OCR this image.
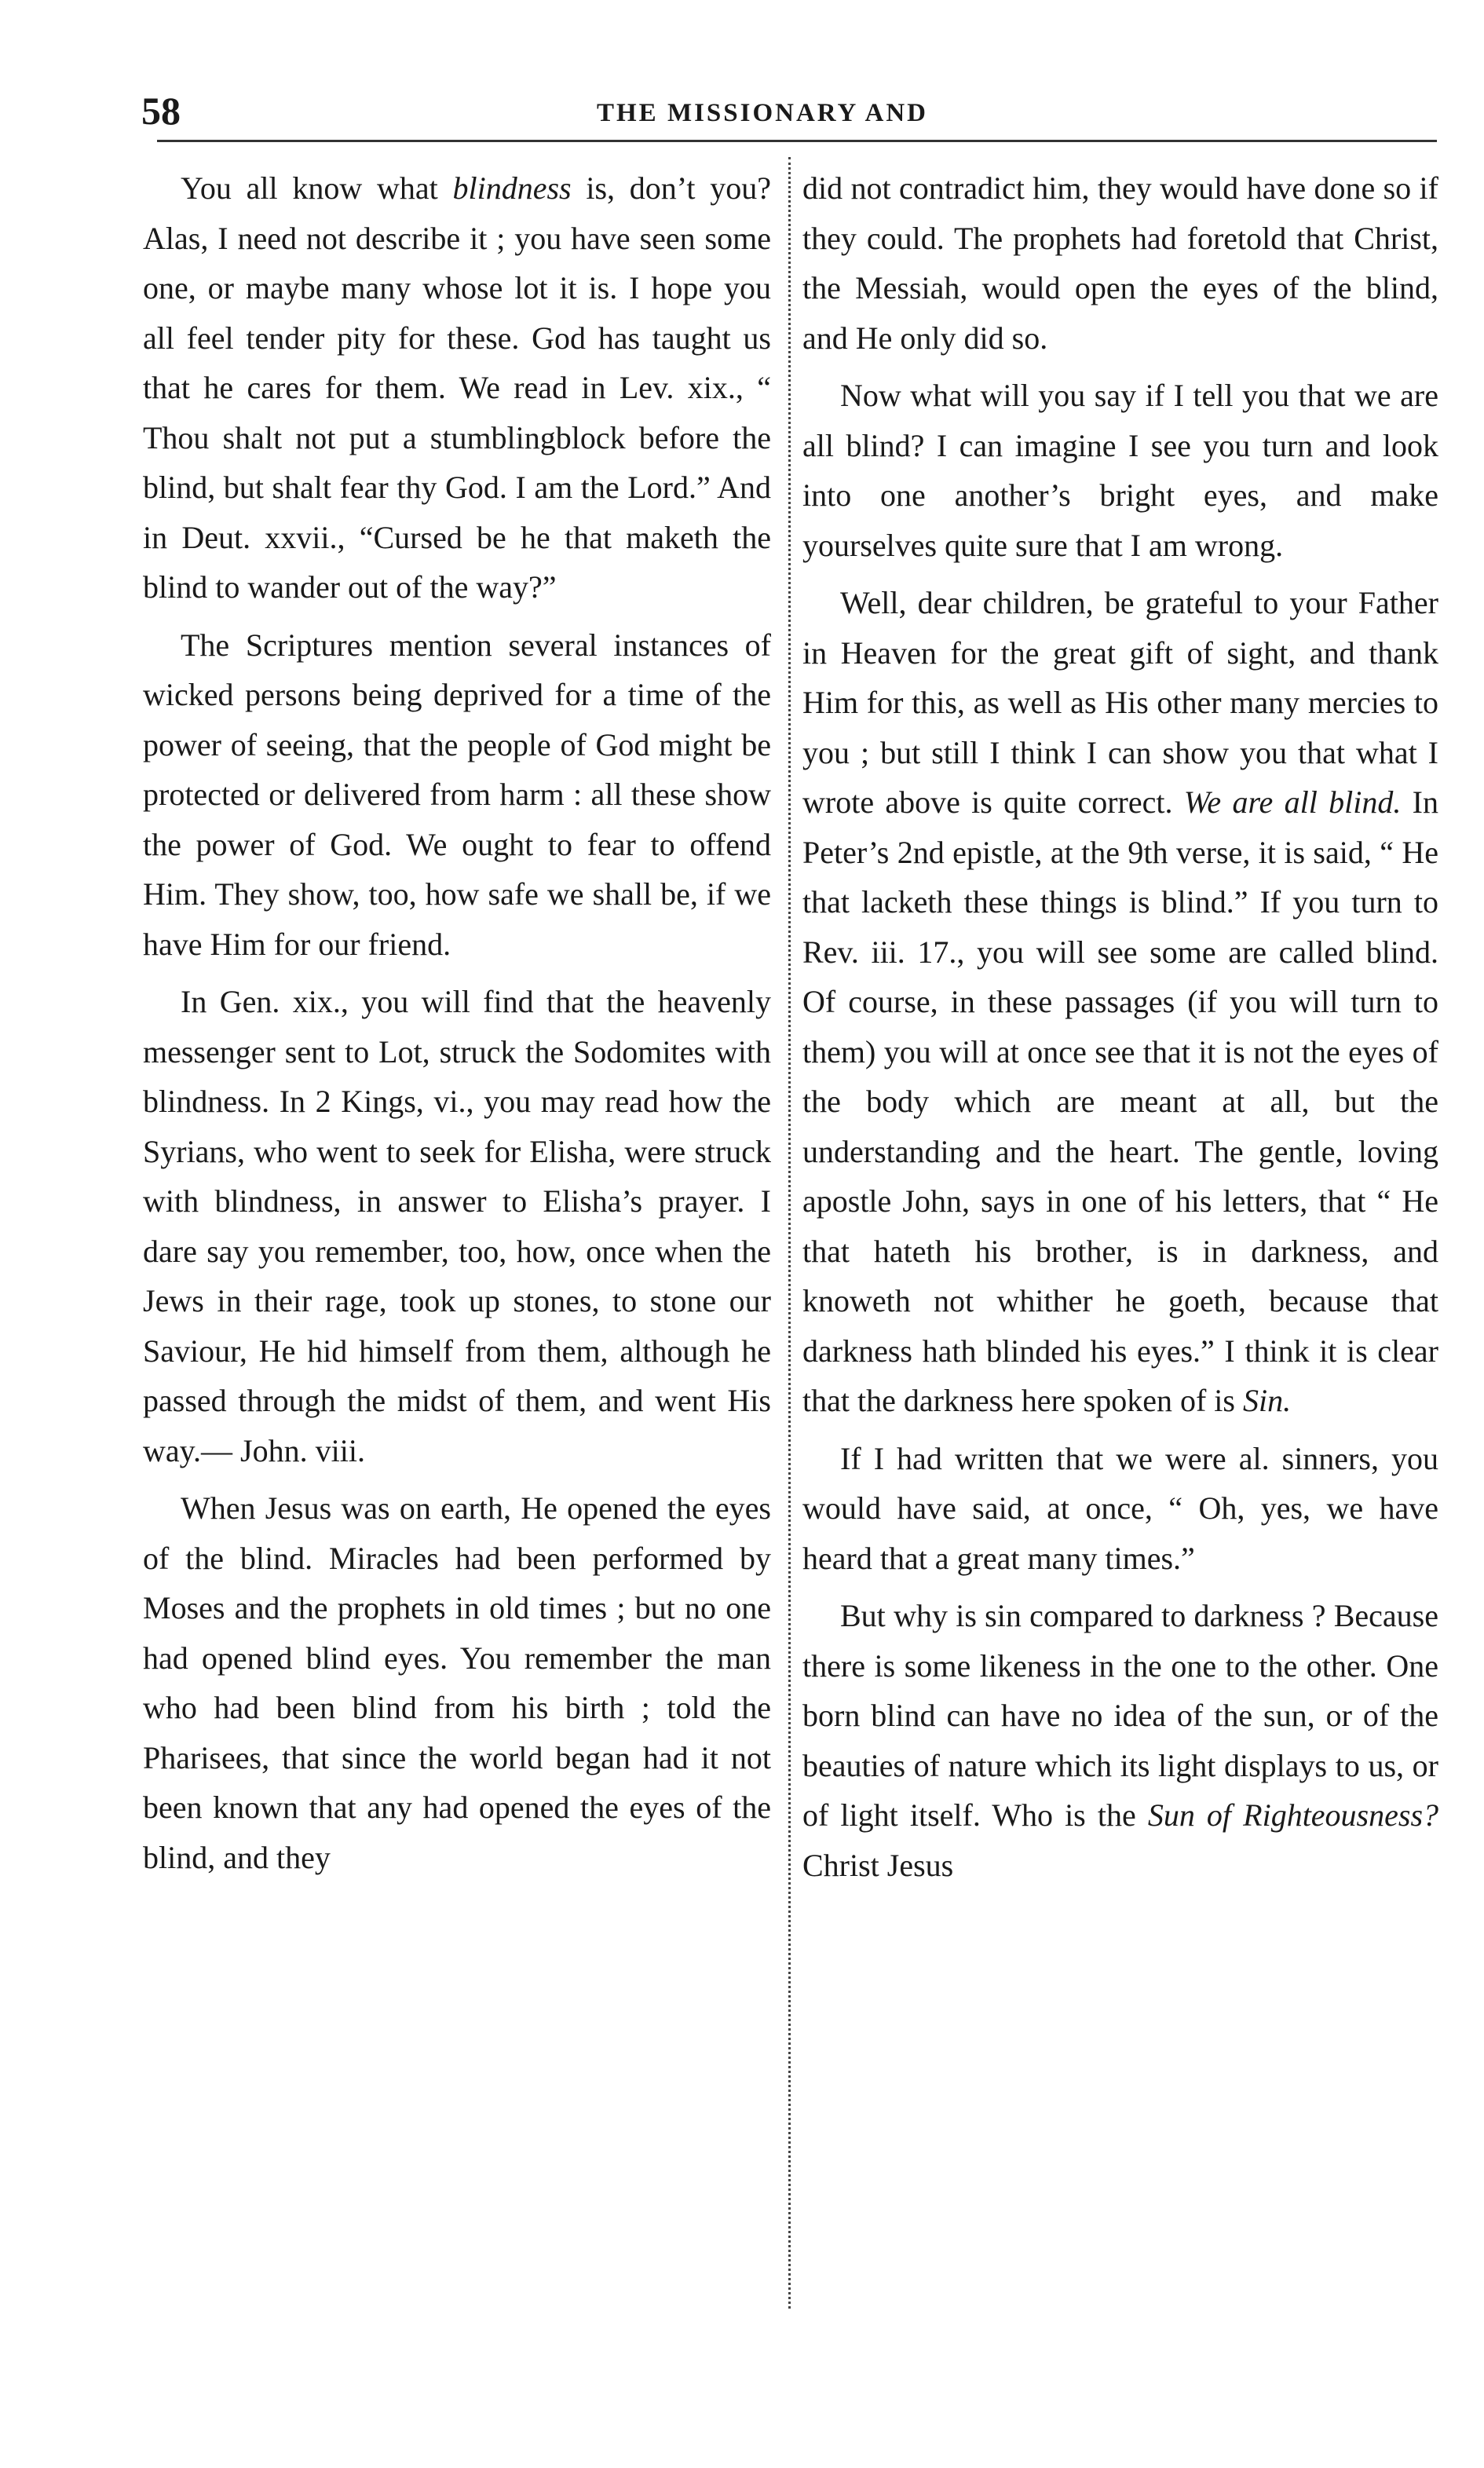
58	THE MISSIONARY AND

You all know what blindness is, don’t you? Alas, I need not describe it ; you have seen some one, or maybe many whose lot it is. I hope you all feel tender pity for these. God has taught us that he cares for them. We read in Lev. xix., “ Thou shalt not put a stumblingblock before the blind, but shalt fear thy God. I am the Lord.” And in Deut. xxvii., “Cursed be he that maketh the blind to wander out of the way?”

The Scriptures mention several instances of wicked persons being deprived for a time of the power of seeing, that the people of God might be protected or delivered from harm : all these show the power of God. We ought to fear to offend Him. They show, too, how safe we shall be, if we have Him for our friend.

In Gen. xix., you will find that the heavenly messenger sent to Lot, struck the Sodomites with blindness. In 2 Kings, vi., you may read how the Syrians, who went to seek for Elisha, were struck with blindness, in answer to Elisha’s prayer. I dare say you remember, too, how, once when the Jews in their rage, took up stones, to stone our Saviour, He hid himself from them, although he passed through the midst of them, and went His way.— John. viii.

When Jesus was on earth, He opened the eyes of the blind. Miracles had been performed by Moses and the prophets in old times ; but no one had opened blind eyes. You remember the man who had been blind from his birth ; told the Pharisees, that since the world began had it not been known that any had opened the eyes of the blind, and they

did not contradict him, they would have done so if they could. The prophets had foretold that Christ, the Messiah, would open the eyes of the blind, and He only did so.

Now what will you say if I tell you that we are all blind? I can imagine I see you turn and look into one another’s bright eyes, and make yourselves quite sure that I am wrong.

Well, dear children, be grateful to your Father in Heaven for the great gift of sight, and thank Him for this, as well as His other many mercies to you ; but still I think I can show you that what I wrote above is quite correct. We are all blind. In Peter’s 2nd epistle, at the 9th verse, it is said, “ He that lacketh these things is blind.” If you turn to Rev. iii. 17., you will see some are called blind. Of course, in these passages (if you will turn to them) you will at once see that it is not the eyes of the body which are meant at all, but the understanding and the heart. The gentle, loving apostle John, says in one of his letters, that “ He that hateth his brother, is in darkness, and knoweth not whither he goeth, because that darkness hath blinded his eyes.” I think it is clear that the darkness here spoken of is Sin.

If I had written that we were al. sinners, you would have said, at once, “ Oh, yes, we have heard that a great many times.”

But why is sin compared to darkness ? Because there is some likeness in the one to the other. One born blind can have no idea of the sun, or of the beauties of nature which its light displays to us, or of light itself. Who is the Sun of Righteousness? Christ Jesus
